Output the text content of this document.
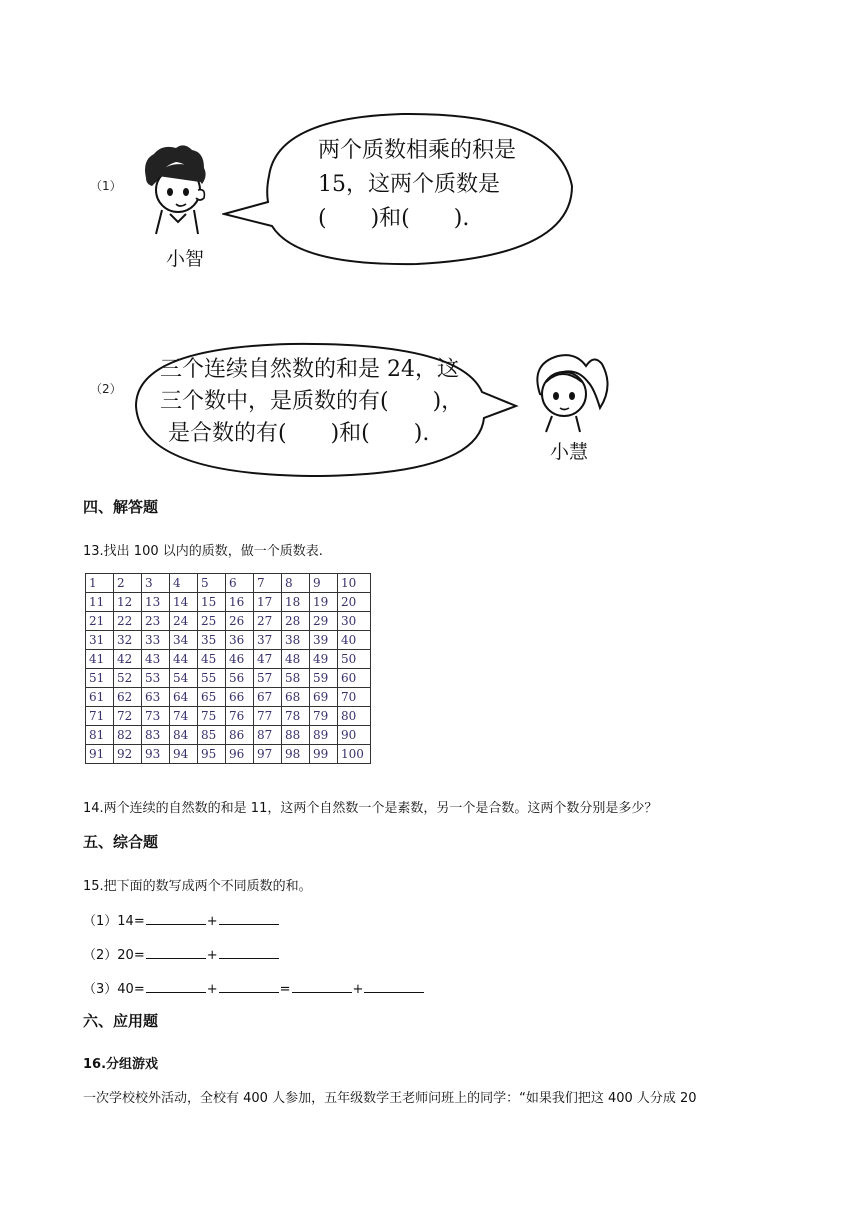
（1）
小智
两个质数相乘的积是
15，这两个质数是
(　　)和(　　).
（2）
三个连续自然数的和是 24，这
三个数中，是质数的有(　　)，
是合数的有(　　)和(　　).
小慧
四、解答题
13.找出 100 以内的质数，做一个质数表.
1	2	3	4	5	6	7	8	9	10
11	12	13	14	15	16	17	18	19	20
21	22	23	24	25	26	27	28	29	30
31	32	33	34	35	36	37	38	39	40
41	42	43	44	45	46	47	48	49	50
51	52	53	54	55	56	57	58	59	60
61	62	63	64	65	66	67	68	69	70
71	72	73	74	75	76	77	78	79	80
81	82	83	84	85	86	87	88	89	90
91	92	93	94	95	96	97	98	99	100
14.两个连续的自然数的和是 11，这两个自然数一个是素数，另一个是合数。这两个数分别是多少？
五、综合题
15.把下面的数写成两个不同质数的和。
（1）14=	+
（2）20=	+
（3）40=	+	=	+
六、应用题
16.分组游戏
一次学校校外活动，全校有 400 人参加，五年级数学王老师问班上的同学：“如果我们把这 400 人分成 20
